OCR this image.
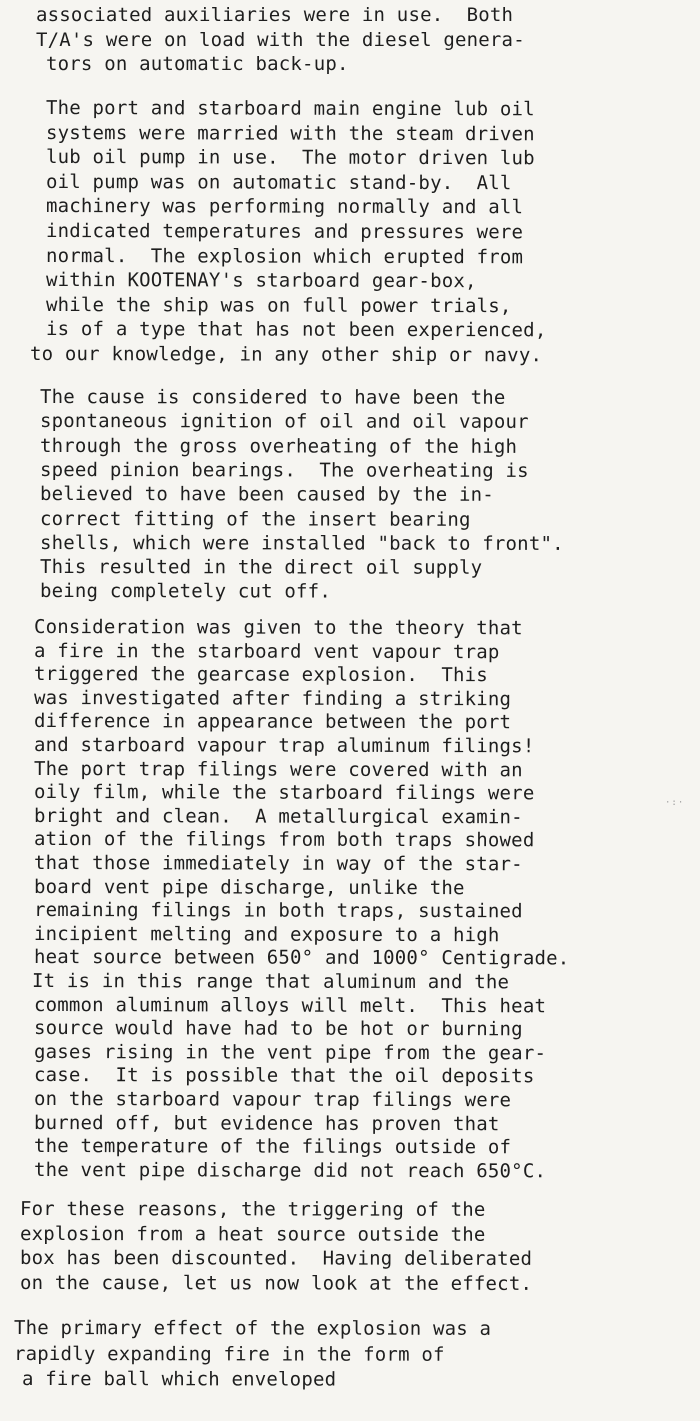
associated auxiliaries were in use.  Both
T/A's were on load with the diesel genera-
tors on automatic back-up.
The port and starboard main engine lub oil
systems were married with the steam driven
lub oil pump in use.  The motor driven lub
oil pump was on automatic stand-by.  All
machinery was performing normally and all
indicated temperatures and pressures were
normal.  The explosion which erupted from
within KOOTENAY's starboard gear-box,
while the ship was on full power trials,
is of a type that has not been experienced,
to our knowledge, in any other ship or navy.
The cause is considered to have been the
spontaneous ignition of oil and oil vapour
through the gross overheating of the high
speed pinion bearings.  The overheating is
believed to have been caused by the in-
correct fitting of the insert bearing
shells, which were installed "back to front".
This resulted in the direct oil supply
being completely cut off.
Consideration was given to the theory that
a fire in the starboard vent vapour trap
triggered the gearcase explosion.  This
was investigated after finding a striking
difference in appearance between the port
and starboard vapour trap aluminum filings!
The port trap filings were covered with an
oily film, while the starboard filings were
bright and clean.  A metallurgical examin-
ation of the filings from both traps showed
that those immediately in way of the star-
board vent pipe discharge, unlike the
remaining filings in both traps, sustained
incipient melting and exposure to a high
heat source between 650° and 1000° Centigrade.
It is in this range that aluminum and the
common aluminum alloys will melt.  This heat
source would have had to be hot or burning
gases rising in the vent pipe from the gear-
case.  It is possible that the oil deposits
on the starboard vapour trap filings were
burned off, but evidence has proven that
the temperature of the filings outside of
the vent pipe discharge did not reach 650°C.
For these reasons, the triggering of the
explosion from a heat source outside the
box has been discounted.  Having deliberated
on the cause, let us now look at the effect.
The primary effect of the explosion was a
rapidly expanding fire in the form of
a fire ball which enveloped
·:·
